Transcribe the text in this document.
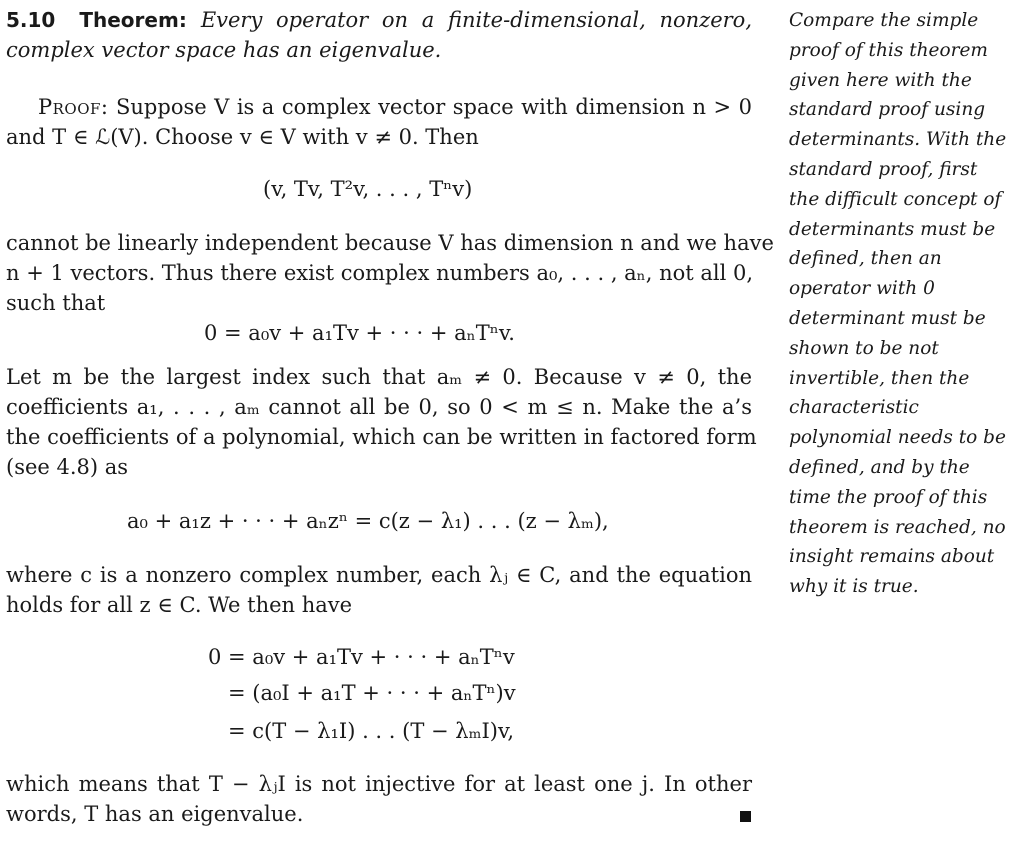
5.10 Theorem: Every operator on a finite-dimensional, nonzero,
complex vector space has an eigenvalue.
Proof: Suppose V is a complex vector space with dimension n > 0
and T ∈ ℒ(V). Choose v ∈ V with v ≠ 0. Then
(v, Tv, T²v, . . . , Tⁿv)
cannot be linearly independent because V has dimension n and we have
n + 1 vectors. Thus there exist complex numbers a₀, . . . , aₙ, not all 0,
such that
0 = a₀v + a₁Tv + · · · + aₙTⁿv.
Let m be the largest index such that aₘ ≠ 0. Because v ≠ 0, the
coefficients a₁, . . . , aₘ cannot all be 0, so 0 < m ≤ n. Make the a’s
the coefficients of a polynomial, which can be written in factored form
(see 4.8) as
a₀ + a₁z + · · · + aₙzⁿ = c(z − λ₁) . . . (z − λₘ),
where c is a nonzero complex number, each λⱼ ∈ C, and the equation
holds for all z ∈ C. We then have
0 = a₀v + a₁Tv + · · · + aₙTⁿv
= (a₀I + a₁T + · · · + aₙTⁿ)v
= c(T − λ₁I) . . . (T − λₘI)v,
which means that T − λⱼI is not injective for at least one j. In other
words, T has an eigenvalue.
Compare the simple
proof of this theorem
given here with the
standard proof using
determinants. With the
standard proof, first
the difficult concept of
determinants must be
defined, then an
operator with 0
determinant must be
shown to be not
invertible, then the
characteristic
polynomial needs to be
defined, and by the
time the proof of this
theorem is reached, no
insight remains about
why it is true.
